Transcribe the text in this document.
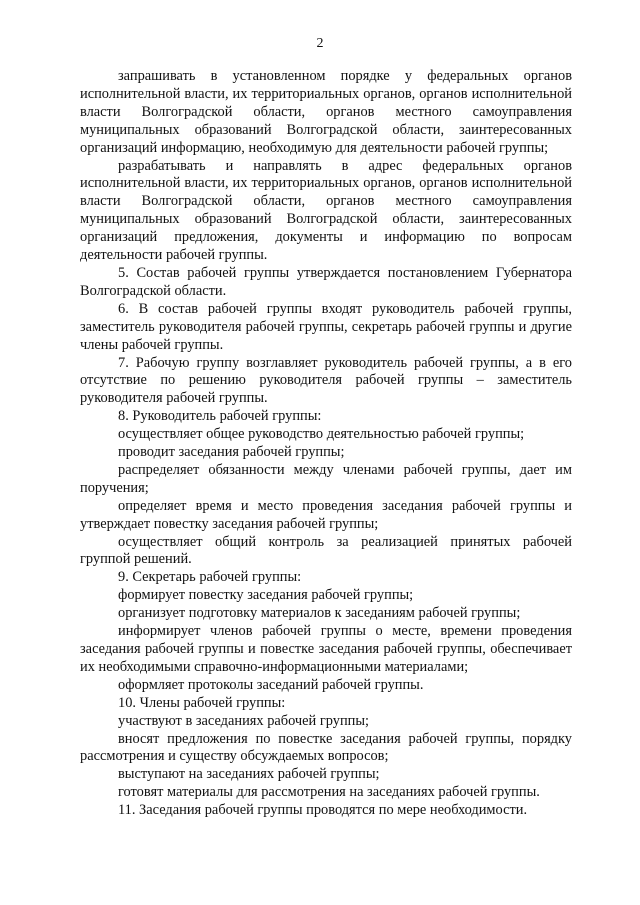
2

запрашивать в установленном порядке у федеральных органов исполнительной власти, их территориальных органов, органов исполнительной власти Волгоградской области, органов местного самоуправления муниципальных образований Волгоградской области, заинтересованных организаций информацию, необходимую для деятельности рабочей группы;

разрабатывать и направлять в адрес федеральных органов исполнительной власти, их территориальных органов, органов исполнительной власти Волгоградской области, органов местного самоуправления муниципальных образований Волгоградской области, заинтересованных организаций предложения, документы и информацию по вопросам деятельности рабочей группы.

5. Состав рабочей группы утверждается постановлением Губернатора Волгоградской области.

6. В состав рабочей группы входят руководитель рабочей группы, заместитель руководителя рабочей группы, секретарь рабочей группы и другие члены рабочей группы.

7. Рабочую группу возглавляет руководитель рабочей группы, а в его отсутствие по решению руководителя рабочей группы – заместитель руководителя рабочей группы.

8. Руководитель рабочей группы:

осуществляет общее руководство деятельностью рабочей группы;

проводит заседания рабочей группы;

распределяет обязанности между членами рабочей группы, дает им поручения;

определяет время и место проведения заседания рабочей группы и утверждает повестку заседания рабочей группы;

осуществляет общий контроль за реализацией принятых рабочей группой решений.

9. Секретарь рабочей группы:

формирует повестку заседания рабочей группы;

организует подготовку материалов к заседаниям рабочей группы;

информирует членов рабочей группы о месте, времени проведения заседания рабочей группы и повестке заседания рабочей группы, обеспечивает их необходимыми справочно-информационными материалами;

оформляет протоколы заседаний рабочей группы.

10. Члены рабочей группы:

участвуют в заседаниях рабочей группы;

вносят предложения по повестке заседания рабочей группы, порядку рассмотрения и существу обсуждаемых вопросов;

выступают на заседаниях рабочей группы;

готовят материалы для рассмотрения на заседаниях рабочей группы.

11. Заседания рабочей группы проводятся по мере необходимости.
